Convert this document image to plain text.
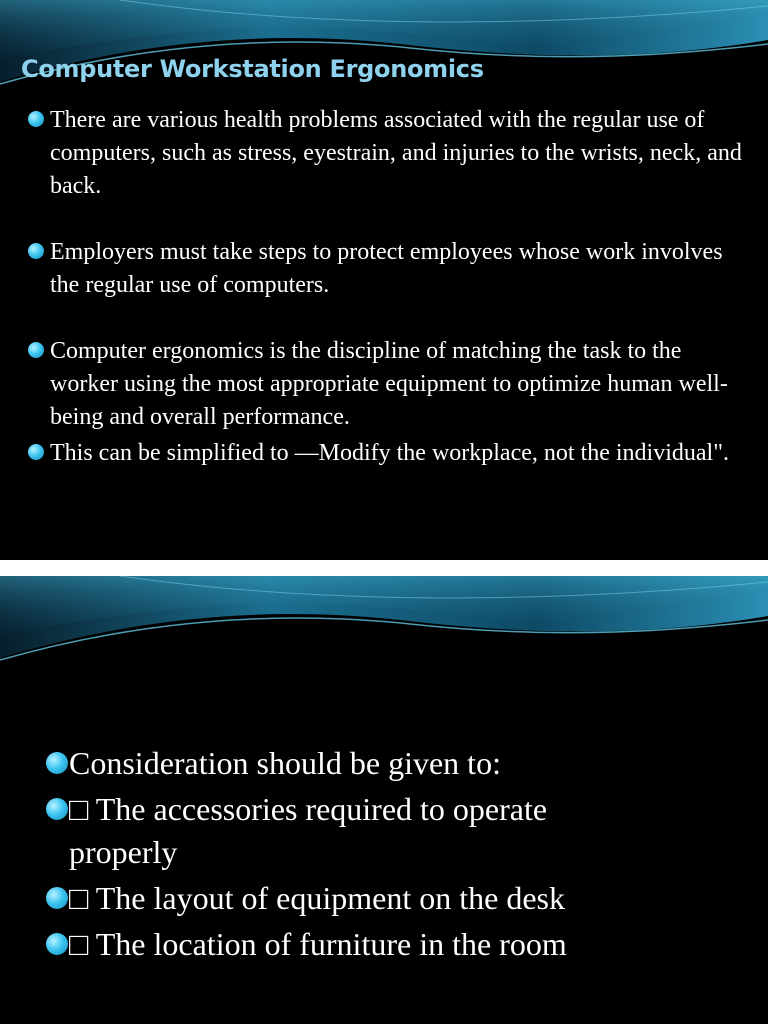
Computer Workstation Ergonomics
There are various health problems associated with the regular use of computers, such as stress, eyestrain, and injuries to the wrists, neck, and back.
Employers must take steps to protect employees whose work involves the regular use of computers.
Computer ergonomics is the discipline of matching the task to the worker using the most appropriate equipment to optimize human well-being and overall performance.
This can be simplified to —Modify the workplace, not the individual".
Consideration should be given to:
□ The accessories required to operate properly
□ The layout of equipment on the desk
□ The location of furniture in the room
